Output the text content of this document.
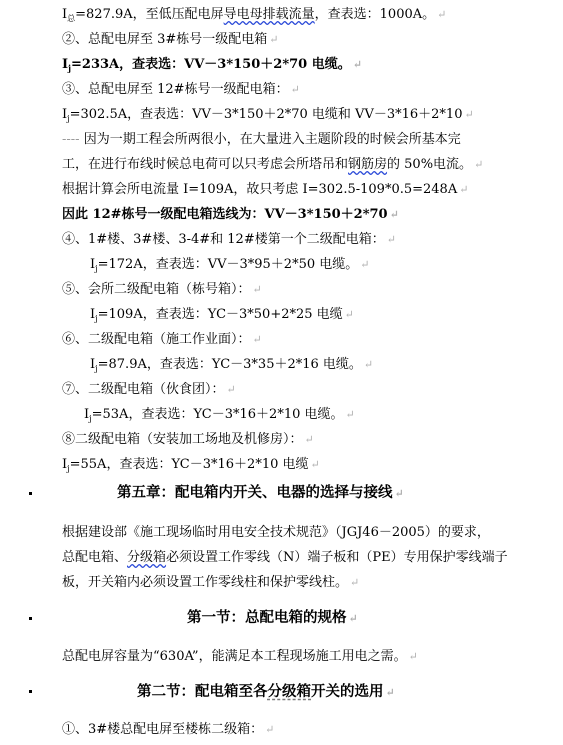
$I_总=827.9A$，至低压配电屏导电母排载流量，查表选：1000A。 ↵
②、总配电屏至 3#栋号一级配电箱 ↵
$I_j=233A$，查表选：VV－3*150＋2*70 电缆。 ↵
③、总配电屏至 12#栋号一级配电箱： ↵
$I_j=302.5A$，查表选：VV－3*150＋2*70 电缆和 VV－3*16＋2*10 ↵
---- 因为一期工程会所两很小，在大量进入主题阶段的时候会所基本完
工，在进行布线时候总电荷可以只考虑会所塔吊和钢筋房的 50%电流。 ↵
根据计算会所电流量 I=109A，故只考虑 I=302.5-109*0.5=248A ↵
因此 12#栋号一级配电箱选线为：VV－3*150＋2*70 ↵
④、1#楼、3#楼、3-4#和 12#楼第一个二级配电箱： ↵
$I_j=172A$，查表选：VV－3*95＋2*50 电缆。 ↵
⑤、会所二级配电箱（栋号箱）： ↵
$I_j=109A$，查表选：YC－3*50+2*25 电缆 ↵
⑥、二级配电箱（施工作业面）： ↵
$I_j=87.9A$，查表选：YC－3*35＋2*16 电缆。 ↵
⑦、二级配电箱（伙食团）： ↵
$I_j=53A$，查表选：YC－3*16＋2*10 电缆。 ↵
⑧二级配电箱（安装加工场地及机修房）： ↵
$I_j=55A$，查表选：YC－3*16＋2*10 电缆 ↵
第五章：配电箱内开关、电器的选择与接线 ↵
根据建设部《施工现场临时用电安全技术规范》（JGJ46－2005）的要求，
总配电箱、分级箱必须设置工作零线（N）端子板和（PE）专用保护零线端子
板，开关箱内必须设置工作零线柱和保护零线柱。 ↵
第一节：总配电箱的规格 ↵
总配电屏容量为“630A”，能满足本工程现场施工用电之需。 ↵
第二节：配电箱至各分级箱开关的选用 ↵
①、3#楼总配电屏至楼栋二级箱： ↵
